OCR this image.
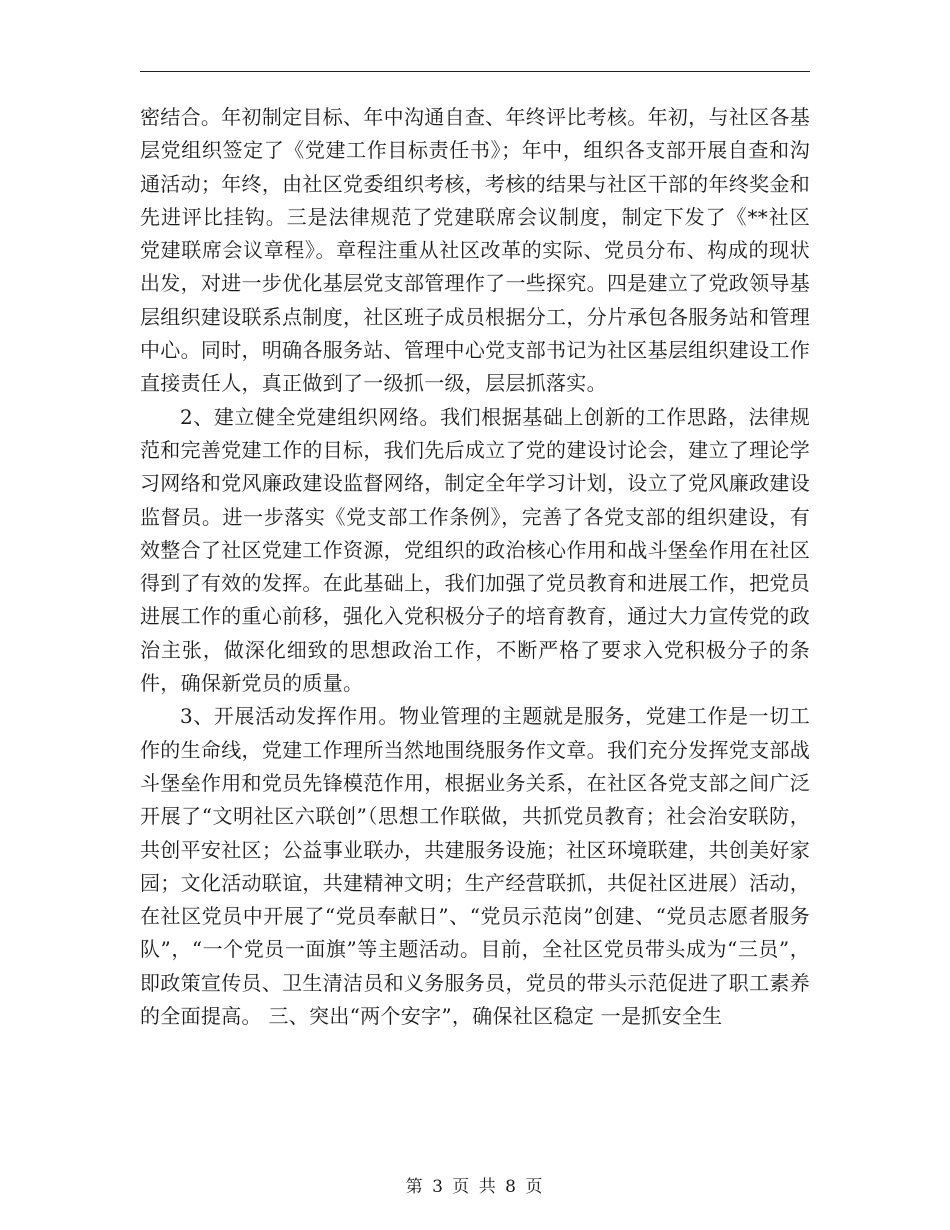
密结合。年初制定目标、年中沟通自查、年终评比考核。年初，与社区各基层党组织签定了《党建工作目标责任书》；年中，组织各支部开展自查和沟通活动；年终，由社区党委组织考核，考核的结果与社区干部的年终奖金和先进评比挂钩。三是法律规范了党建联席会议制度，制定下发了《**社区党建联席会议章程》。章程注重从社区改革的实际、党员分布、构成的现状出发，对进一步优化基层党支部管理作了一些探究。四是建立了党政领导基层组织建设联系点制度，社区班子成员根据分工，分片承包各服务站和管理中心。同时，明确各服务站、管理中心党支部书记为社区基层组织建设工作直接责任人，真正做到了一级抓一级，层层抓落实。

2、建立健全党建组织网络。我们根据基础上创新的工作思路，法律规范和完善党建工作的目标，我们先后成立了党的建设讨论会，建立了理论学习网络和党风廉政建设监督网络，制定全年学习计划，设立了党风廉政建设监督员。进一步落实《党支部工作条例》，完善了各党支部的组织建设，有效整合了社区党建工作资源，党组织的政治核心作用和战斗堡垒作用在社区得到了有效的发挥。在此基础上，我们加强了党员教育和进展工作，把党员进展工作的重心前移，强化入党积极分子的培育教育，通过大力宣传党的政治主张，做深化细致的思想政治工作，不断严格了要求入党积极分子的条件，确保新党员的质量。

3、开展活动发挥作用。物业管理的主题就是服务，党建工作是一切工作的生命线，党建工作理所当然地围绕服务作文章。我们充分发挥党支部战斗堡垒作用和党员先锋模范作用，根据业务关系，在社区各党支部之间广泛开展了“文明社区六联创”（思想工作联做，共抓党员教育；社会治安联防，共创平安社区；公益事业联办，共建服务设施；社区环境联建，共创美好家园；文化活动联谊，共建精神文明；生产经营联抓，共促社区进展）活动，在社区党员中开展了“党员奉献日”、“党员示范岗”创建、“党员志愿者服务队”，“一个党员一面旗”等主题活动。目前，全社区党员带头成为“三员”，即政策宣传员、卫生清洁员和义务服务员，党员的带头示范促进了职工素养的全面提高。 三、突出“两个安字”，确保社区稳定 一是抓安全生

第 3 页 共 8 页
